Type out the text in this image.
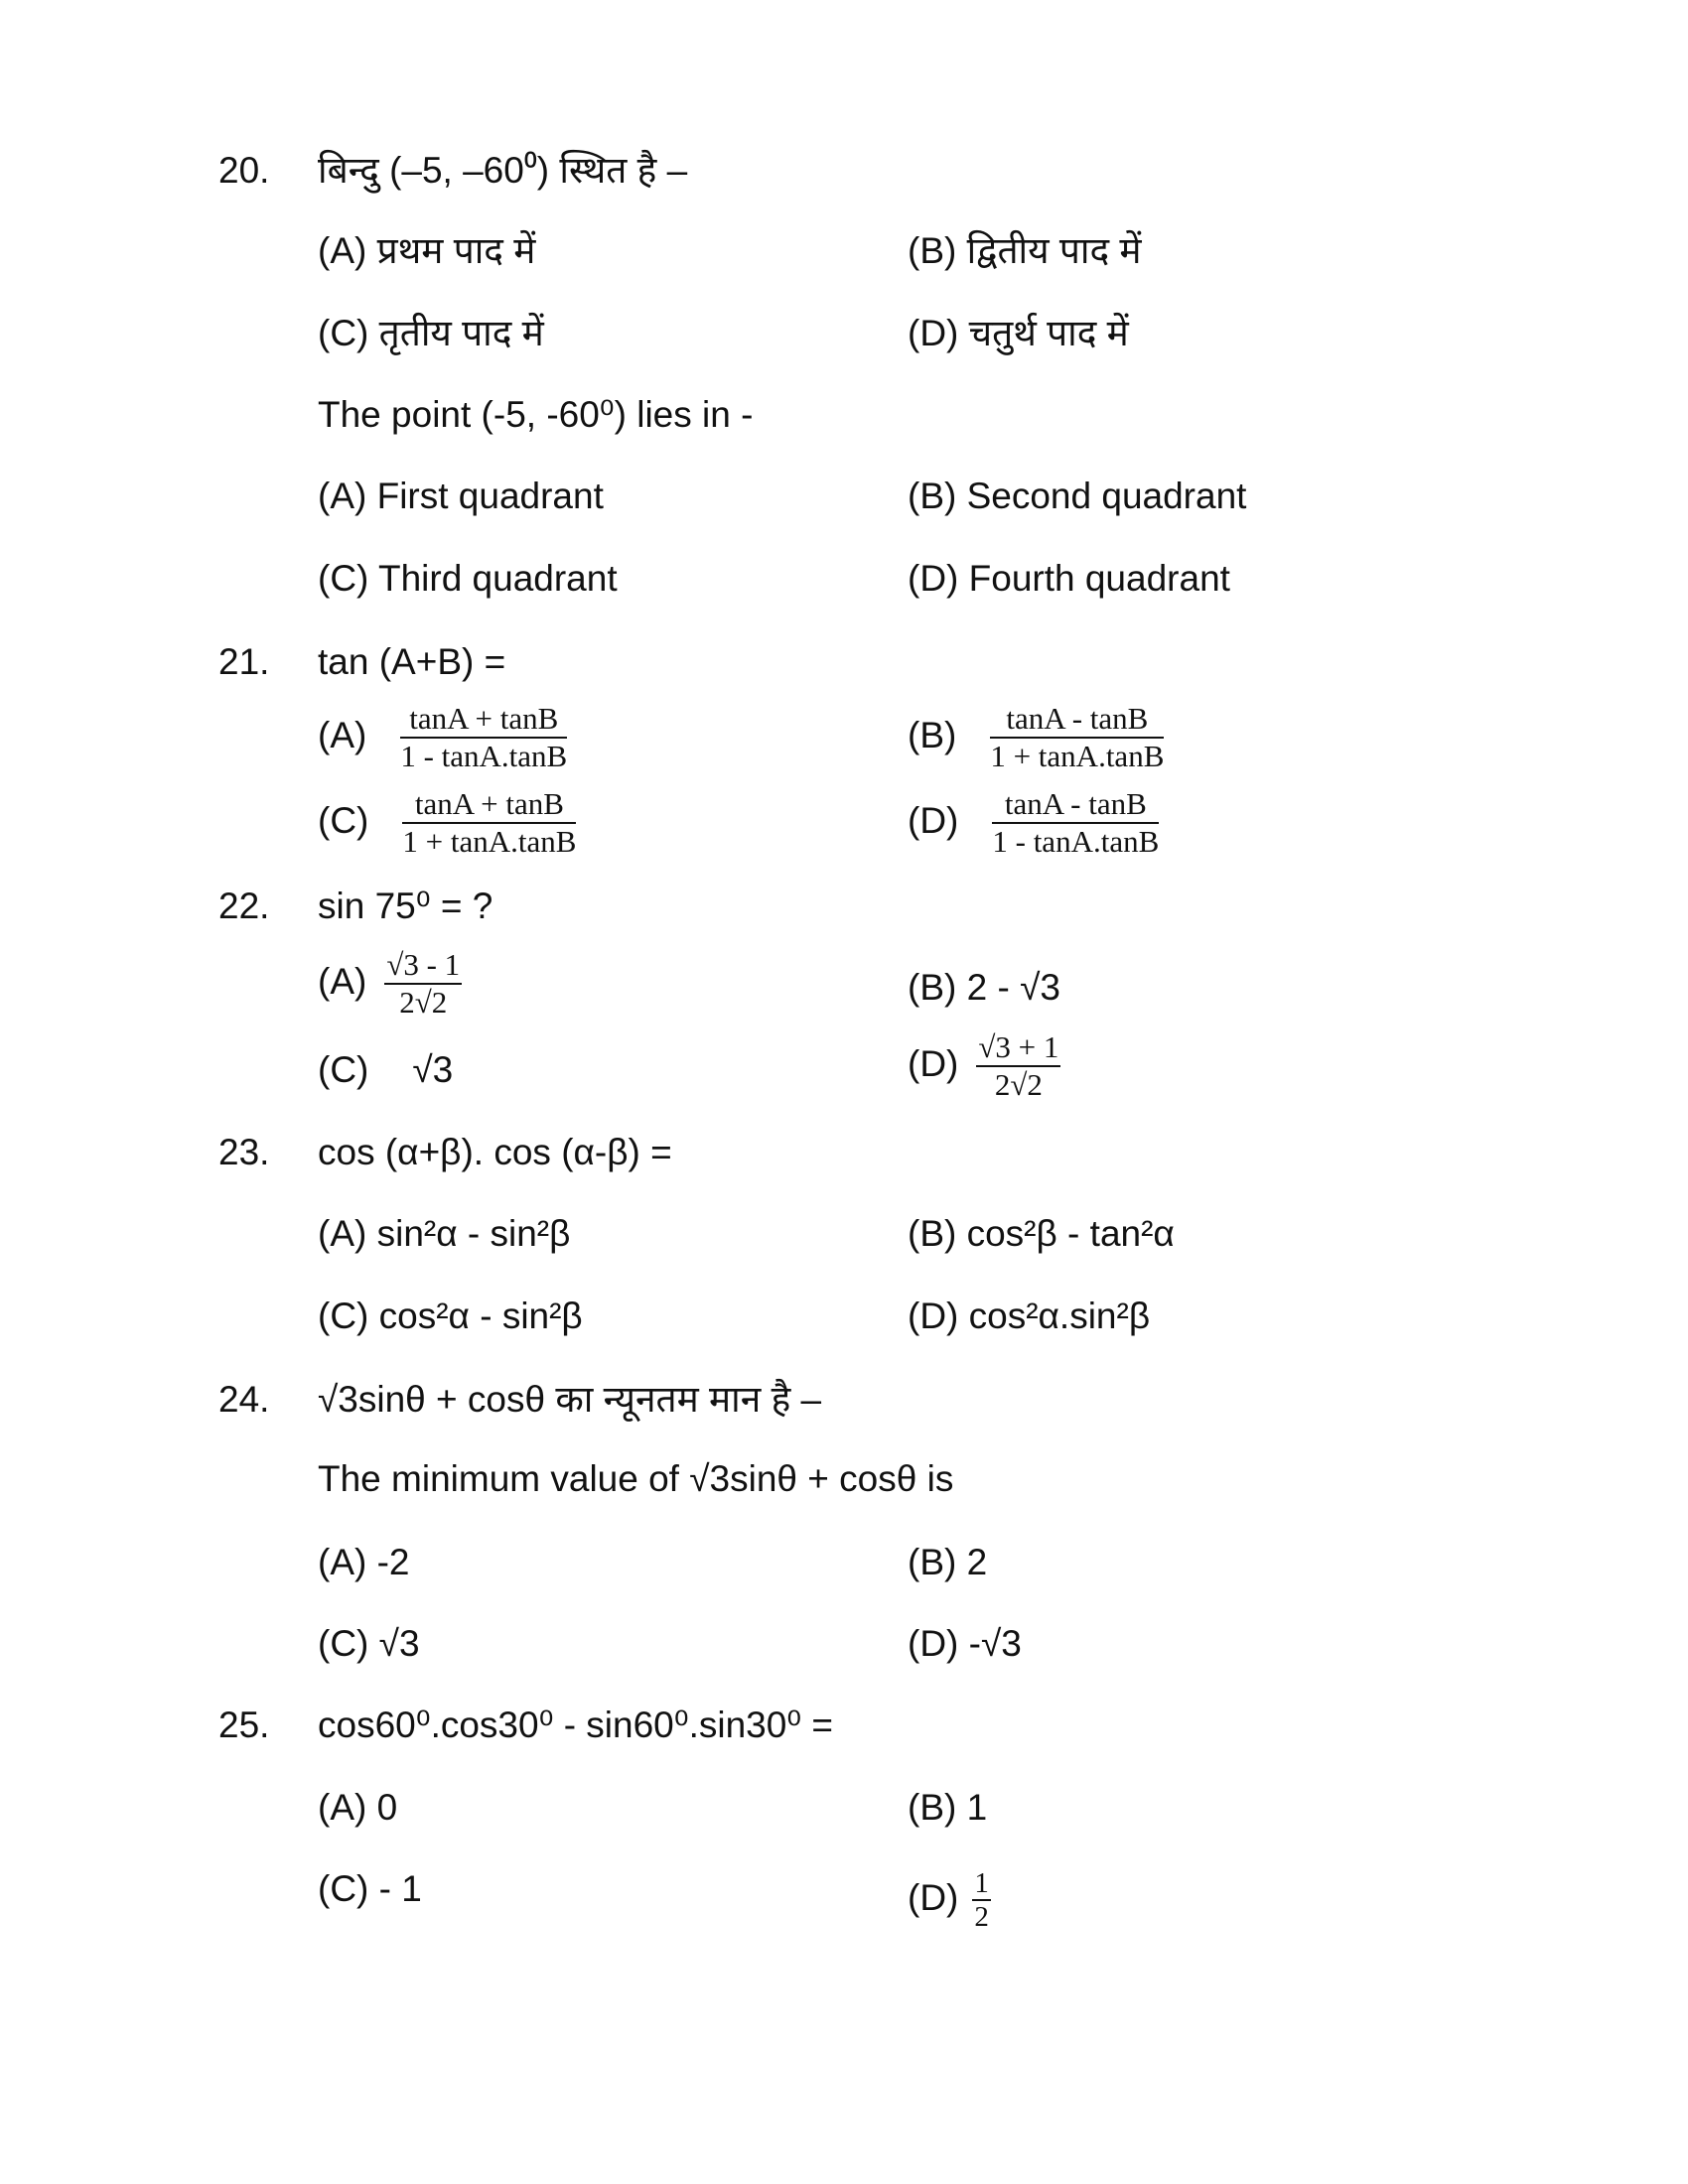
20. बिन्दु (–5, –60⁰) स्थित है –
(A) प्रथम पाद में	(B) द्वितीय पाद में
(C) तृतीय पाद में	(D) चतुर्थ पाद में
The point (-5, -60⁰) lies in -
(A) First quadrant	(B) Second quadrant
(C) Third quadrant	(D) Fourth quadrant
21. tan (A+B) =
$(A) \frac{\tan A + \tan B}{1 - \tan A.\tan B}$	$(B) \frac{\tan A - \tan B}{1 + \tan A.\tan B}$
$(C) \frac{\tan A + \tan B}{1 + \tan A.\tan B}$	$(D) \frac{\tan A - \tan B}{1 - \tan A.\tan B}$
22. sin 75⁰ = ?
$(A) \frac{√3 - 1}{2√2}$	(B) 2 - √3
(C) √3	$(D) \frac{√3 + 1}{2√2}$
23. cos (α+β). cos (α-β) =
(A) sin²α - sin²β	(B) cos²β - tan²α
(C) cos²α - sin²β	(D) cos²α.sin²β
24. √3sinθ + cosθ का न्यूनतम मान है –
The minimum value of √3sinθ + cosθ is
(A) -2	(B) 2
(C) √3	(D) -√3
25. cos60⁰.cos30⁰ - sin60⁰.sin30⁰ =
(A) 0	(B) 1
(C) - 1	$(D) \frac{1}{2}$
